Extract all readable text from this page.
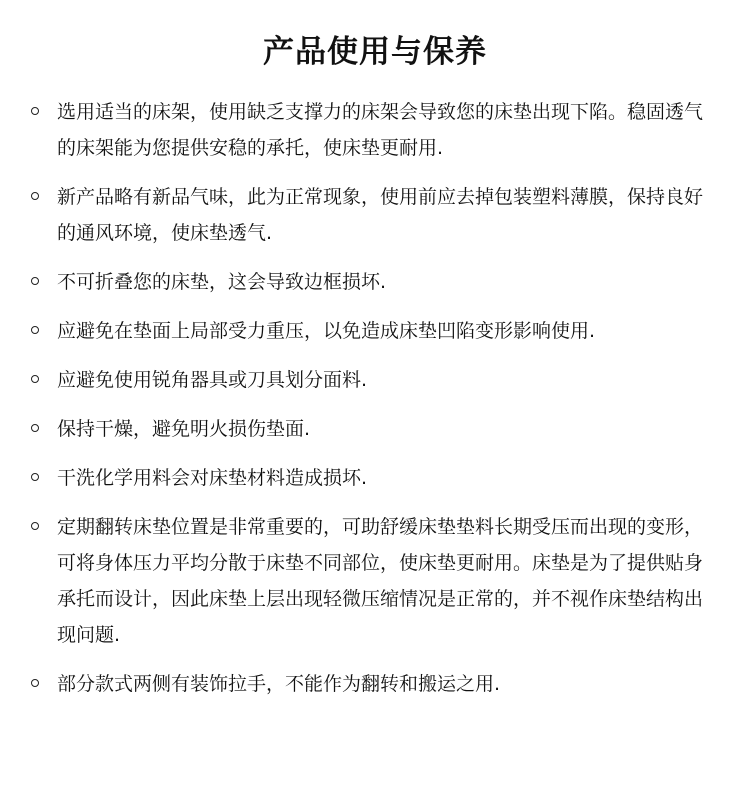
产品使用与保养
选用适当的床架，使用缺乏支撑力的床架会导致您的床垫出现下陷。稳固透气的床架能为您提供安稳的承托，使床垫更耐用.
新产品略有新品气味，此为正常现象，使用前应去掉包装塑料薄膜，保持良好的通风环境，使床垫透气.
不可折叠您的床垫，这会导致边框损坏.
应避免在垫面上局部受力重压，以免造成床垫凹陷变形影响使用.
应避免使用锐角器具或刀具划分面料.
保持干燥，避免明火损伤垫面.
干洗化学用料会对床垫材料造成损坏.
定期翻转床垫位置是非常重要的，可助舒缓床垫垫料长期受压而出现的变形，可将身体压力平均分散于床垫不同部位，使床垫更耐用。床垫是为了提供贴身承托而设计，因此床垫上层出现轻微压缩情况是正常的，并不视作床垫结构出现问题.
部分款式两侧有装饰拉手，不能作为翻转和搬运之用.
